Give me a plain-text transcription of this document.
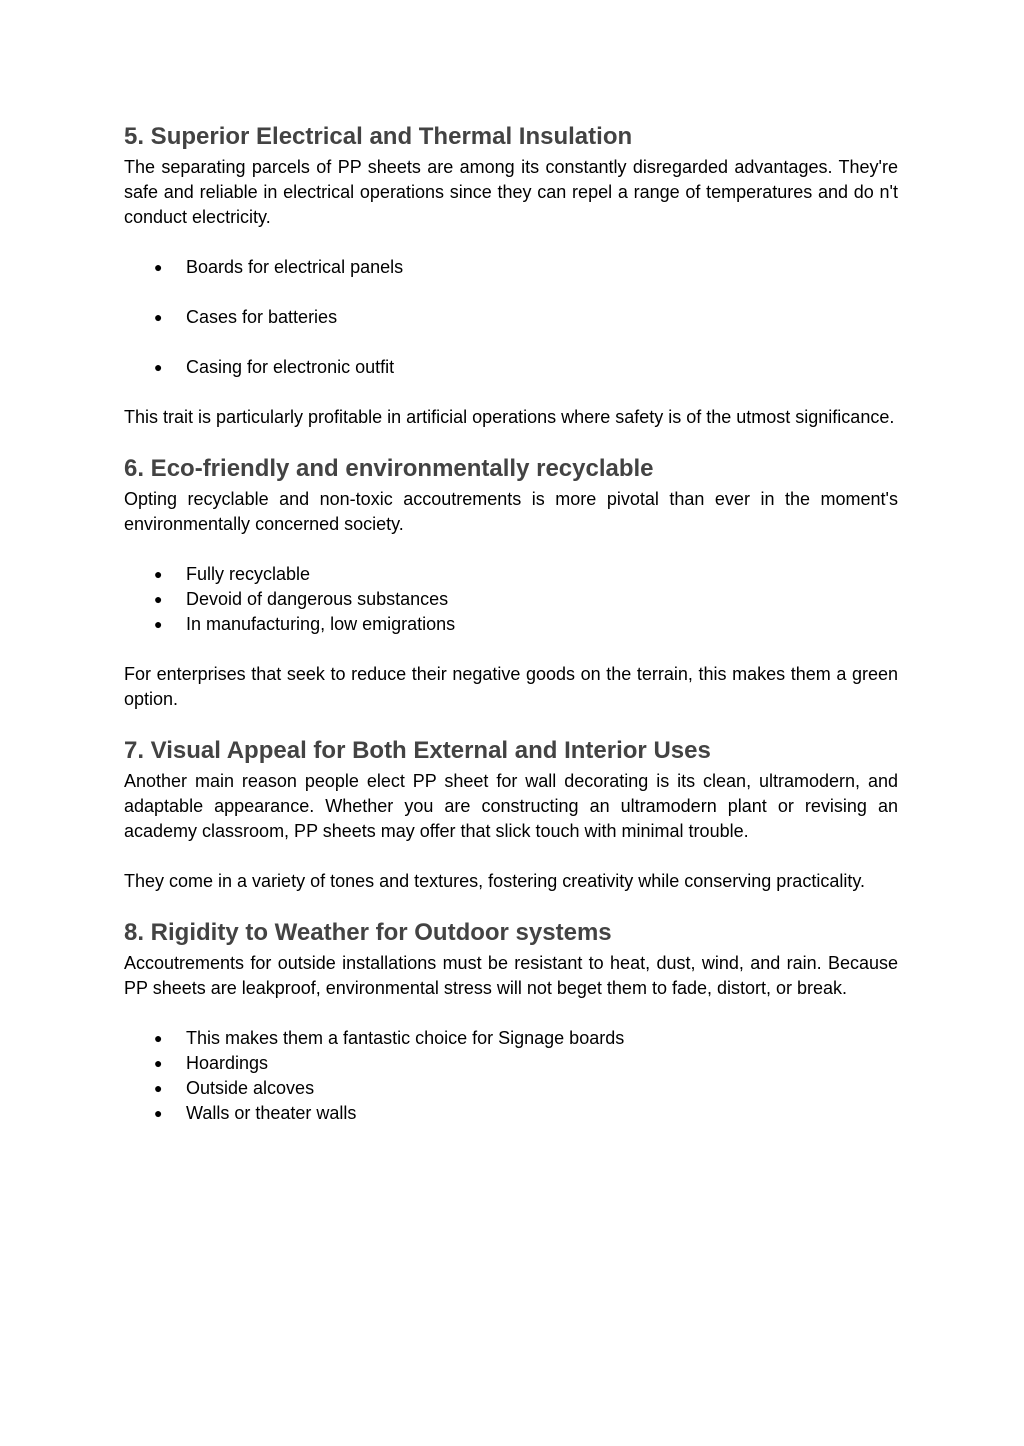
5. Superior Electrical and Thermal Insulation

The separating parcels of PP sheets are among its constantly disregarded advantages. They're safe and reliable in electrical operations since they can repel a range of temperatures and do n't conduct electricity.

● Boards for electrical panels
● Cases for batteries
● Casing for electronic outfit

This trait is particularly profitable in artificial operations where safety is of the utmost significance.

6. Eco-friendly and environmentally recyclable

Opting recyclable and non-toxic accoutrements is more pivotal than ever in the moment's environmentally concerned society.

● Fully recyclable
● Devoid of dangerous substances
● In manufacturing, low emigrations

For enterprises that seek to reduce their negative goods on the terrain, this makes them a green option.

7. Visual Appeal for Both External and Interior Uses

Another main reason people elect PP sheet for wall decorating is its clean, ultramodern, and adaptable appearance. Whether you are constructing an ultramodern plant or revising an academy classroom, PP sheets may offer that slick touch with minimal trouble.

They come in a variety of tones and textures, fostering creativity while conserving practicality.

8. Rigidity to Weather for Outdoor systems

Accoutrements for outside installations must be resistant to heat, dust, wind, and rain. Because PP sheets are leakproof, environmental stress will not beget them to fade, distort, or break.

● This makes them a fantastic choice for Signage boards
● Hoardings
● Outside alcoves
● Walls or theater walls
